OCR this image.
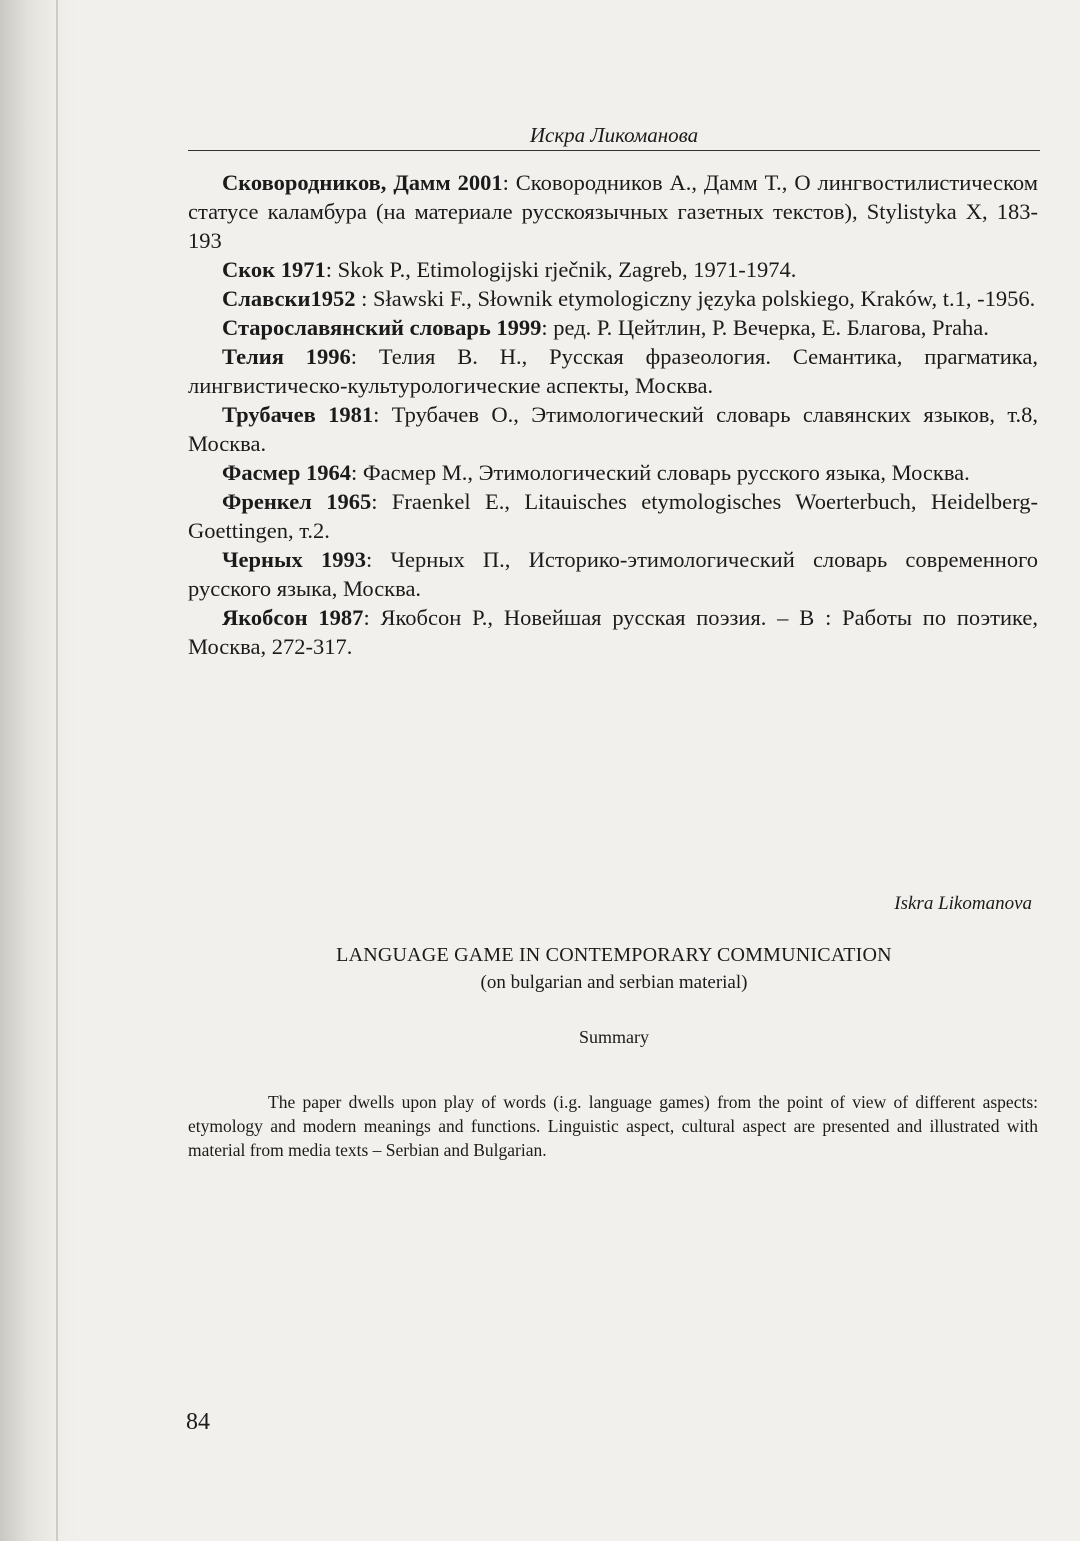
Искра Ликоманова

Сковородников, Дамм 2001: Сковородников А., Дамм Т., О лингвостилистическом статусе каламбура (на материале русскоязычных газетных текстов), Stylistyka X, 183-193

Скок 1971: Skok P., Etimologijski rječnik, Zagreb, 1971-1974.

Славски1952 : Sławski F., Słownik etymologiczny języka polskiego, Kraków, t.1, -1956.

Старославянский словарь 1999: ред. Р. Цейтлин, Р. Вечерка, Е. Благова, Praha.

Телия 1996: Телия В. Н., Русская фразеология. Семантика, прагматика, лингвистическо-культурологические аспекты, Москва.

Трубачев 1981: Трубачев О., Этимологический словарь славянских языков, т.8, Москва.

Фасмер 1964: Фасмер М., Этимологический словарь русского языка, Москва.

Френкел 1965: Fraenkel E., Litauisches etymologisches Woerterbuch, Heidelberg-Goettingen, т.2.

Черных 1993: Черных П., Историко-этимологический словарь современного русского языка, Москва.

Якобсон 1987: Якобсон Р., Новейшая русская поэзия. – В : Работы по поэтике, Москва, 272-317.

Iskra Likomanova
LANGUAGE GAME IN CONTEMPORARY COMMUNICATION
(on bulgarian and serbian material)
Summary

The paper dwells upon play of words (i.g. language games) from the point of view of different aspects: etymology and modern meanings and functions. Linguistic aspect, cultural aspect are presented and illustrated with material from media texts – Serbian and Bulgarian.

84
